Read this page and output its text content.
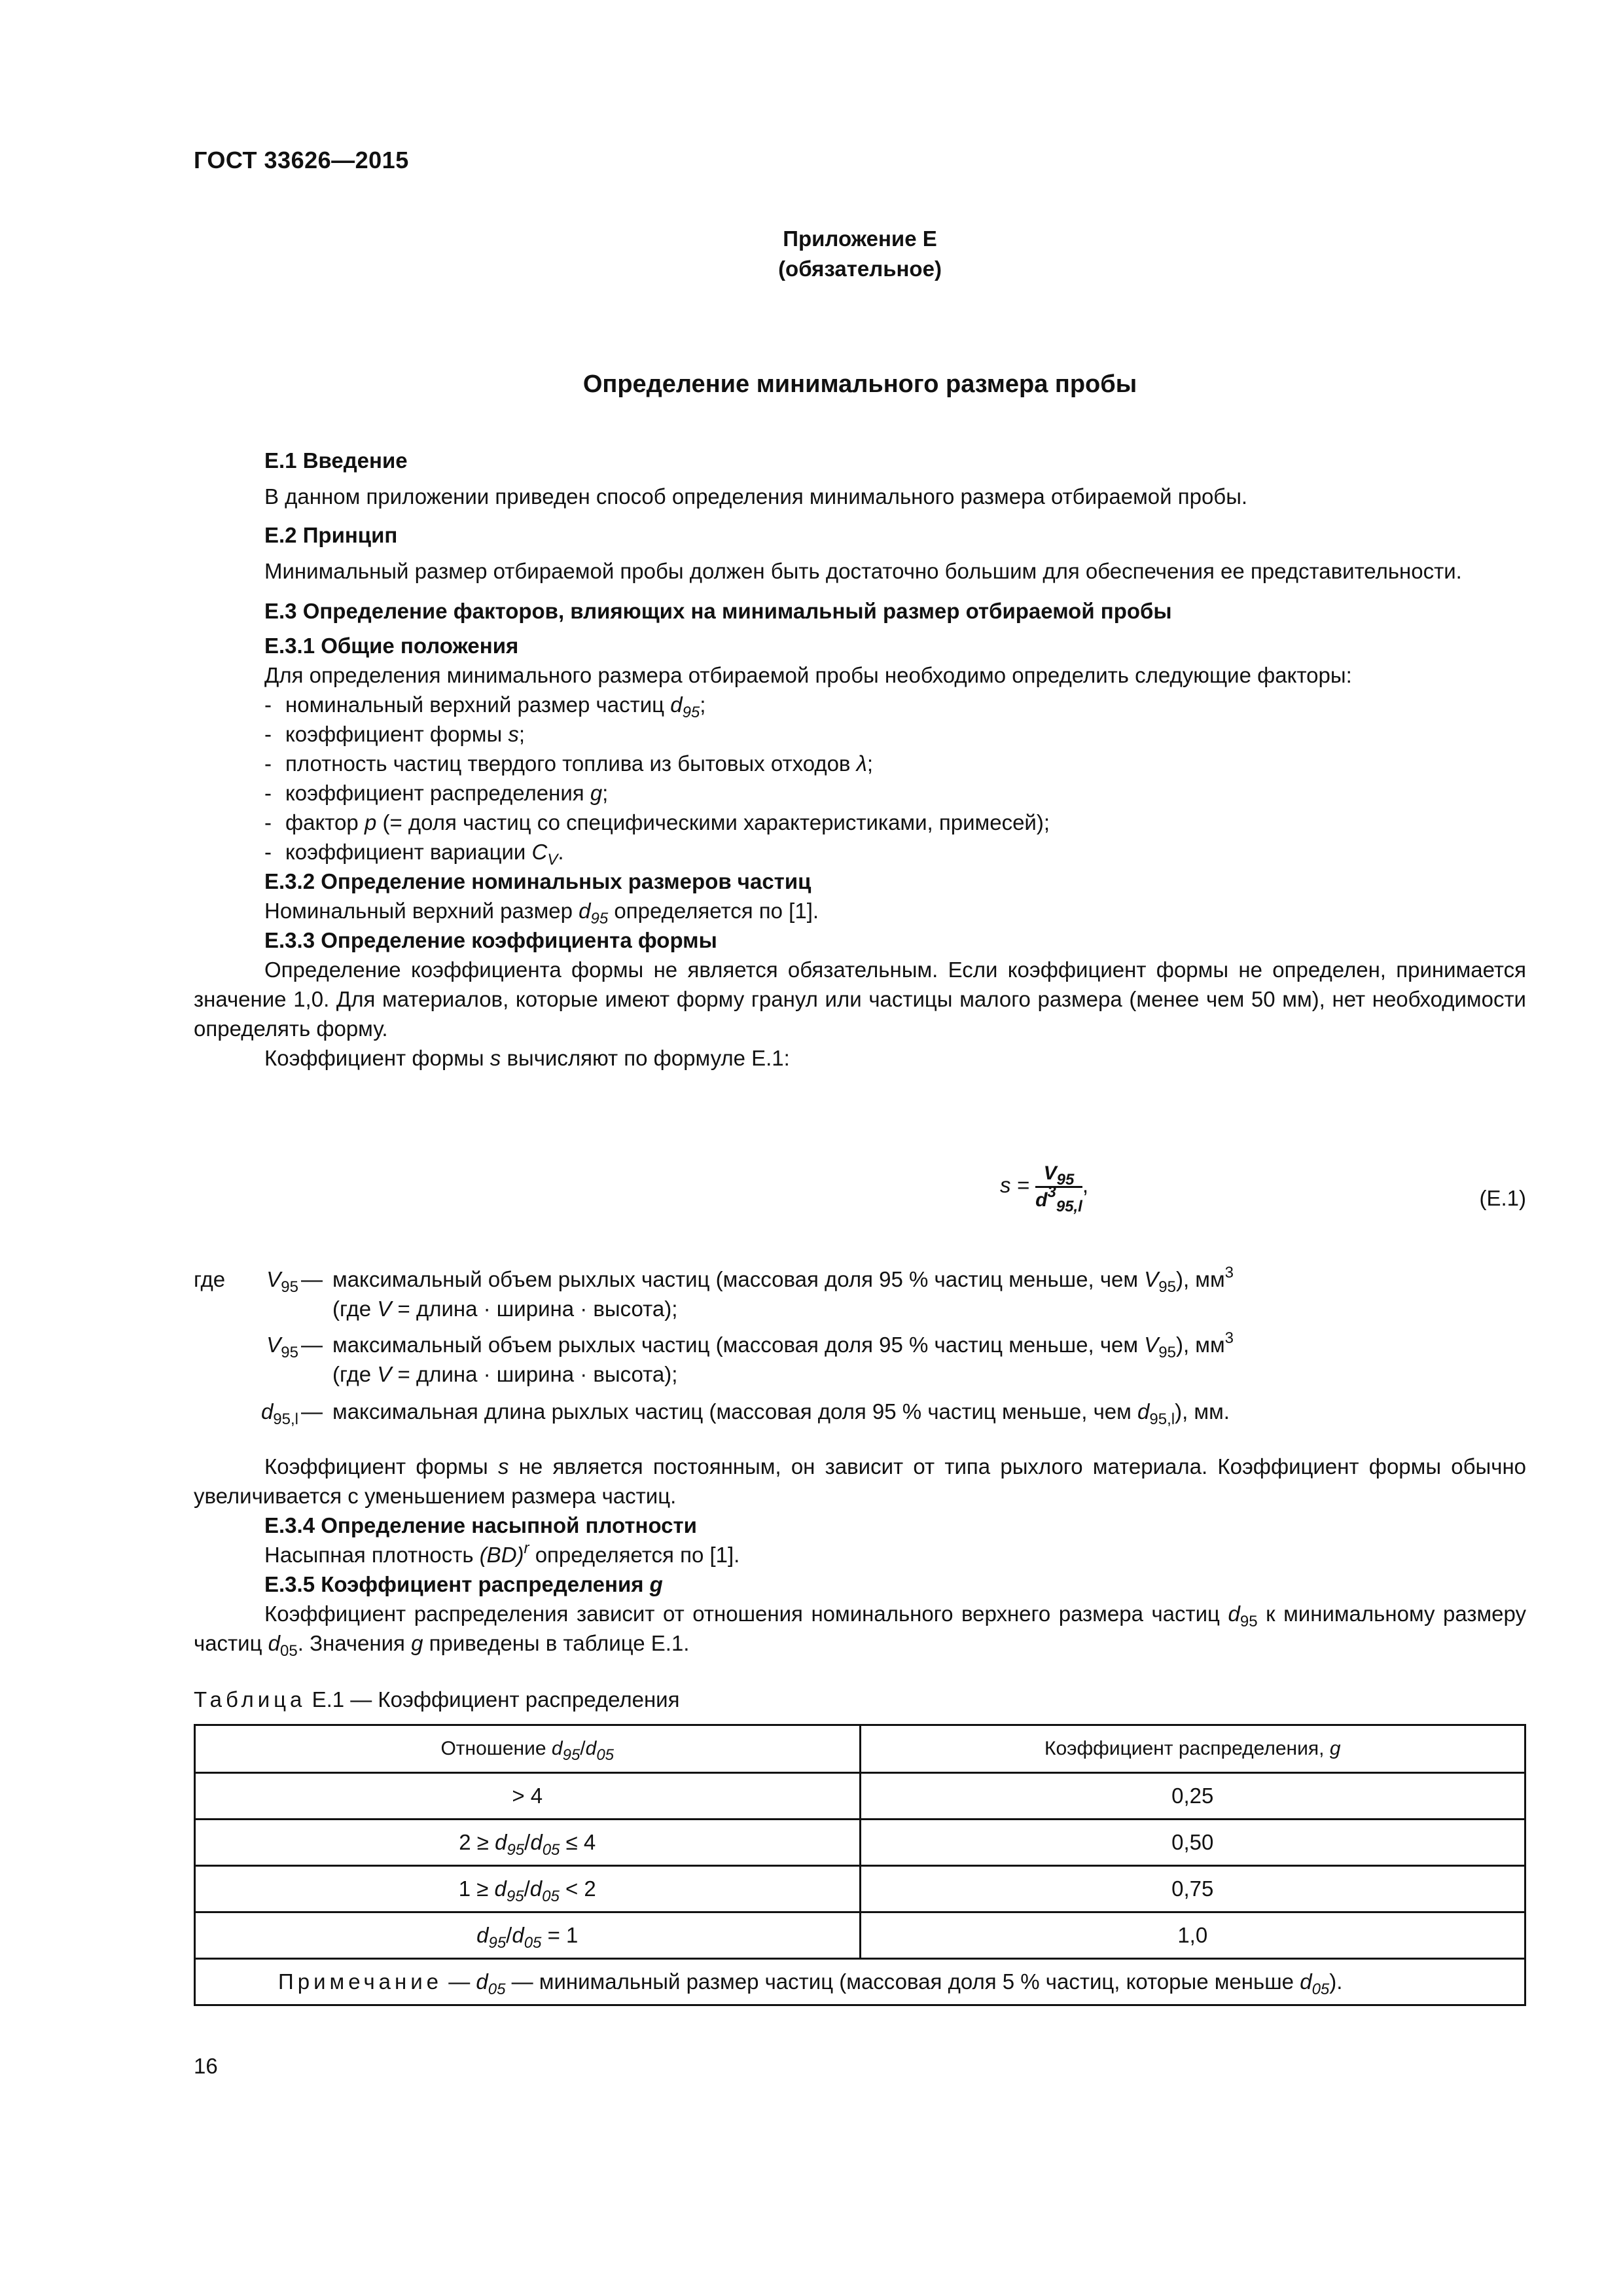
ГОСТ 33626—2015
Приложение Е
(обязательное)
Определение минимального размера пробы

Е.1 Введение

В данном приложении приведен способ определения минимального размера отбираемой пробы.

Е.2 Принцип

Минимальный размер отбираемой пробы должен быть достаточно большим для обеспечения ее представительности.

Е.3 Определение факторов, влияющих на минимальный размер отбираемой пробы

Е.3.1 Общие положения

Для определения минимального размера отбираемой пробы необходимо определить следующие факторы:

- номинальный верхний размер частиц $d_{95}$;
- коэффициент формы s;
- плотность частиц твердого топлива из бытовых отходов λ;
- коэффициент распределения g;
- фактор p (= доля частиц со специфическими характеристиками, примесей);
- коэффициент вариации $C_V$.

Е.3.2 Определение номинальных размеров частиц

Номинальный верхний размер $d_{95}$ определяется по [1].

Е.3.3 Определение коэффициента формы

Определение коэффициента формы не является обязательным. Если коэффициент формы не определен, принимается значение 1,0. Для материалов, которые имеют форму гранул или частицы малого размера (менее чем 50 мм), нет необходимости определять форму.

Коэффициент формы s вычисляют по формуле Е.1:

$s = \frac{V_{95}}{d^3_{95,l}}$ ,
(Е.1)
где	$V_{95}$ — максимальный объем рыхлых частиц (массовая доля 95 % частиц меньше, чем $V_{95}$), $мм^3$
(где V = длина · ширина · высота);
$V_{95}$ — максимальный объем рыхлых частиц (массовая доля 95 % частиц меньше, чем $V_{95}$), $мм^3$
(где V = длина · ширина · высота);
$d_{95,l}$ — максимальная длина рыхлых частиц (массовая доля 95 % частиц меньше, чем $d_{95,l}$), мм.

Коэффициент формы s не является постоянным, он зависит от типа рыхлого материала. Коэффициент формы обычно увеличивается с уменьшением размера частиц.

Е.3.4 Определение насыпной плотности

Насыпная плотность (BD)$^r$ определяется по [1].

Е.3.5 Коэффициент распределения g

Коэффициент распределения зависит от отношения номинального верхнего размера частиц $d_{95}$ к минимальному размеру частиц $d_{05}$. Значения g приведены в таблице Е.1.

Таблица Е.1 — Коэффициент распределения
Отношение $d_{95}/d_{05}$	Коэффициент распределения, g
> 4	0,25
$2 \ge d_{95}/d_{05} \le 4$	0,50
$1 \ge d_{95}/d_{05} < 2$	0,75
$d_{95}/d_{05} = 1$	1,0
Примечание — $d_{05}$ — минимальный размер частиц (массовая доля 5 % частиц, которые меньше $d_{05}$).	
16
